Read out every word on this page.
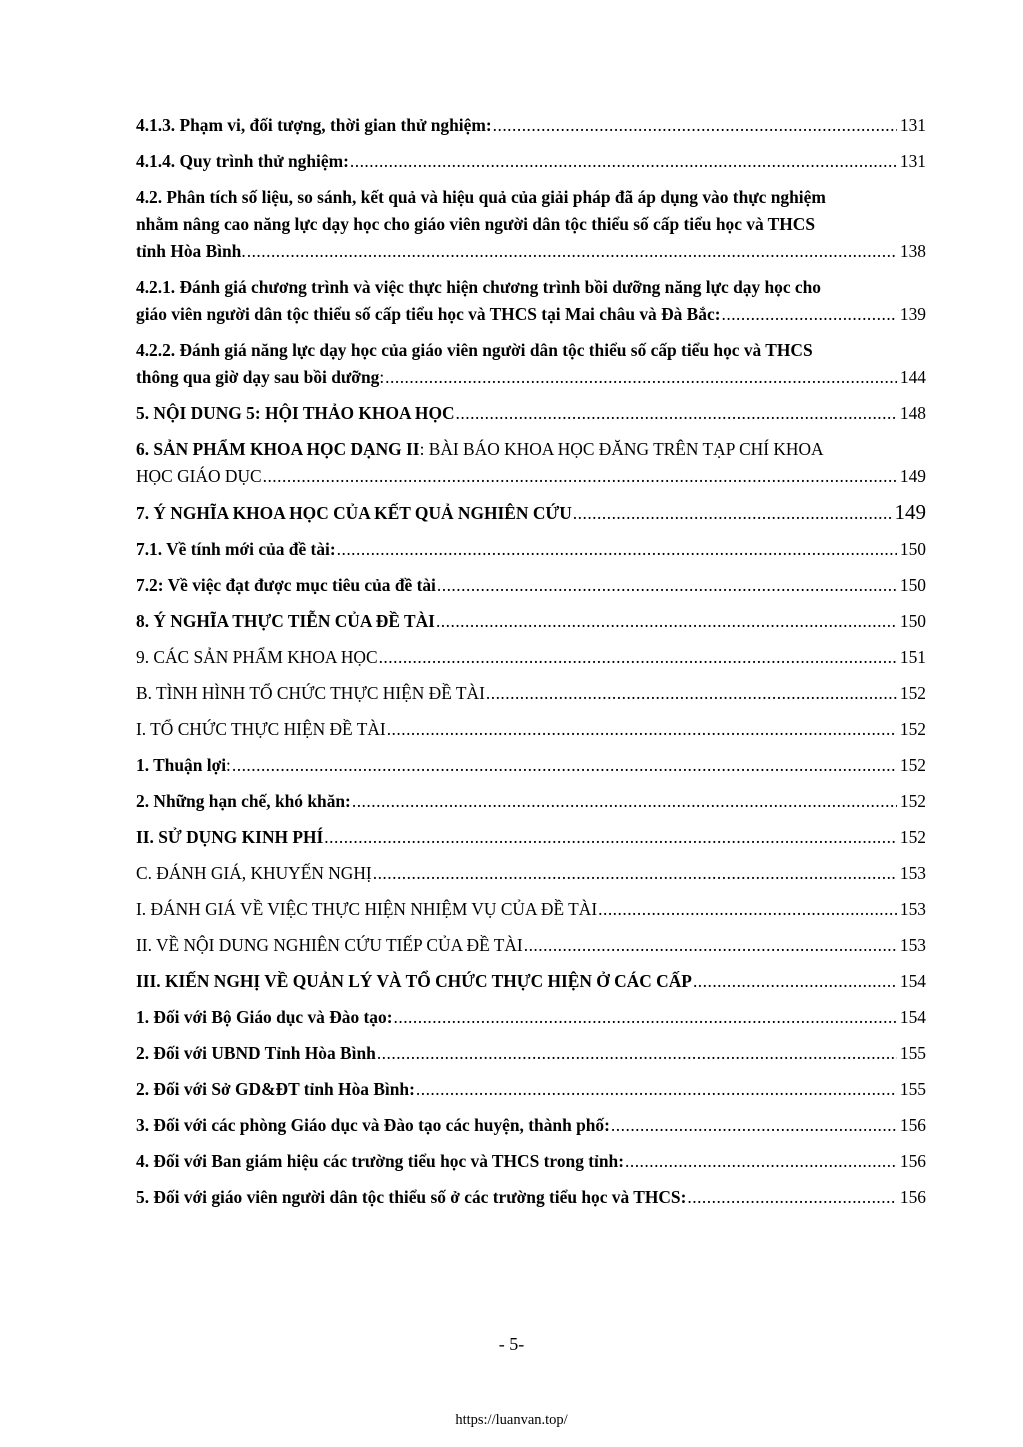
4.1.3. Phạm vi, đối tượng, thời gian thử nghiệm: .....	131
4.1.4. Quy trình thử nghiệm: .....	131
4.2. Phân tích số liệu, so sánh, kết quả và hiệu quả của giải pháp đã áp dụng vào thực nghiệm
nhằm nâng cao năng lực dạy học cho giáo viên người dân tộc thiểu số cấp tiểu học và THCS
tỉnh Hòa Bình . .....	138
4.2.1. Đánh giá chương trình và việc thực hiện chương trình bồi dưỡng năng lực dạy học cho
giáo viên người dân tộc thiểu số cấp tiểu học và THCS tại Mai châu và Đà Bắc: .....	139
4.2.2. Đánh giá năng lực dạy học của giáo viên người dân tộc thiểu số cấp tiểu học và THCS
thông qua giờ dạy sau bồi dưỡng : .....	144
5. NỘI DUNG 5: HỘI THẢO KHOA HỌC .....	148
6. SẢN PHẨM KHOA HỌC DẠNG II: BÀI BÁO KHOA HỌC ĐĂNG TRÊN TẠP CHÍ KHOA
HỌC GIÁO DỤC .....	149
7. Ý NGHĨA KHOA HỌC CỦA KẾT QUẢ NGHIÊN CỨU .....	149
7.1. Về tính mới của đề tài: .....	150
7.2: Về việc đạt được mục tiêu của đề tài .....	150
8. Ý NGHĨA THỰC TIỄN CỦA ĐỀ TÀI .....	150
9. CÁC SẢN PHẨM KHOA HỌC .....	151
B. TÌNH HÌNH TỔ CHỨC THỰC HIỆN ĐỀ TÀI .....	152
I. TỔ CHỨC THỰC HIỆN ĐỀ TÀI .....	152
1. Thuận lợi : .....	152
2. Những hạn chế, khó khăn: .....	152
II. SỬ DỤNG KINH PHÍ .....	152
C. ĐÁNH GIÁ, KHUYẾN NGHỊ .....	153
I. ĐÁNH GIÁ VỀ VIỆC THỰC HIỆN NHIỆM VỤ CỦA ĐỀ TÀI .....	153
II. VỀ NỘI DUNG NGHIÊN CỨU TIẾP CỦA ĐỀ TÀI .....	153
III. KIẾN NGHỊ VỀ QUẢN LÝ VÀ TỔ CHỨC THỰC HIỆN Ở CÁC CẤP .....	154
1. Đối với Bộ Giáo dục và Đào tạo: .....	154
2. Đối với UBND Tỉnh Hòa Bình .....	155
2. Đối với Sở GD&ĐT tỉnh Hòa Bình: .....	155
3. Đối với các phòng Giáo dục và Đào tạo các huyện, thành phố: .....	156
4. Đối với Ban giám hiệu các trường tiểu học và THCS trong tỉnh: .....	156
5. Đối với giáo viên người dân tộc thiểu số ở các trường tiểu học và THCS: .....	156
- 5-
https://luanvan.top/
